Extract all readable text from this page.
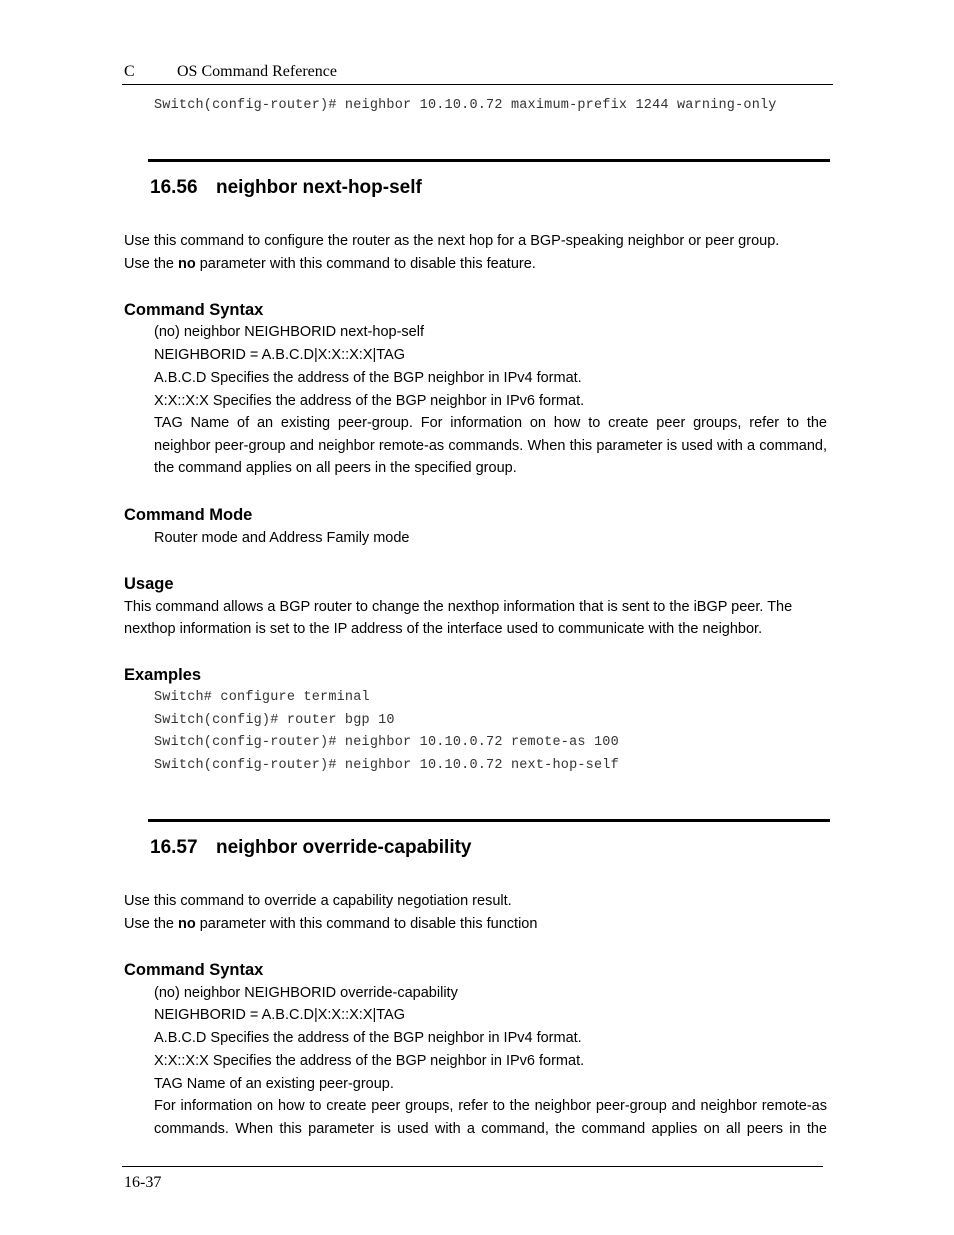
C	OS Command Reference
Switch(config-router)# neighbor 10.10.0.72 maximum-prefix 1244 warning-only
16.56 neighbor next-hop-self
Use this command to configure the router as the next hop for a BGP-speaking neighbor or peer group.
Use the no parameter with this command to disable this feature.
Command Syntax
(no) neighbor NEIGHBORID next-hop-self
NEIGHBORID = A.B.C.D|X:X::X:X|TAG
A.B.C.D Specifies the address of the BGP neighbor in IPv4 format.
X:X::X:X Specifies the address of the BGP neighbor in IPv6 format.
TAG Name of an existing peer-group. For information on how to create peer groups, refer to the
neighbor peer-group and neighbor remote-as commands. When this parameter is used with a command,
the command applies on all peers in the specified group.
Command Mode
Router mode and Address Family mode
Usage
This command allows a BGP router to change the nexthop information that is sent to the iBGP peer. The
nexthop information is set to the IP address of the interface used to communicate with the neighbor.
Examples
Switch# configure terminal
Switch(config)# router bgp 10
Switch(config-router)# neighbor 10.10.0.72 remote-as 100
Switch(config-router)# neighbor 10.10.0.72 next-hop-self
16.57 neighbor override-capability
Use this command to override a capability negotiation result.
Use the no parameter with this command to disable this function
Command Syntax
(no) neighbor NEIGHBORID override-capability
NEIGHBORID = A.B.C.D|X:X::X:X|TAG
A.B.C.D Specifies the address of the BGP neighbor in IPv4 format.
X:X::X:X Specifies the address of the BGP neighbor in IPv6 format.
TAG Name of an existing peer-group.
For information on how to create peer groups, refer to the neighbor peer-group and neighbor remote-as
commands. When this parameter is used with a command, the command applies on all peers in the
16-37
